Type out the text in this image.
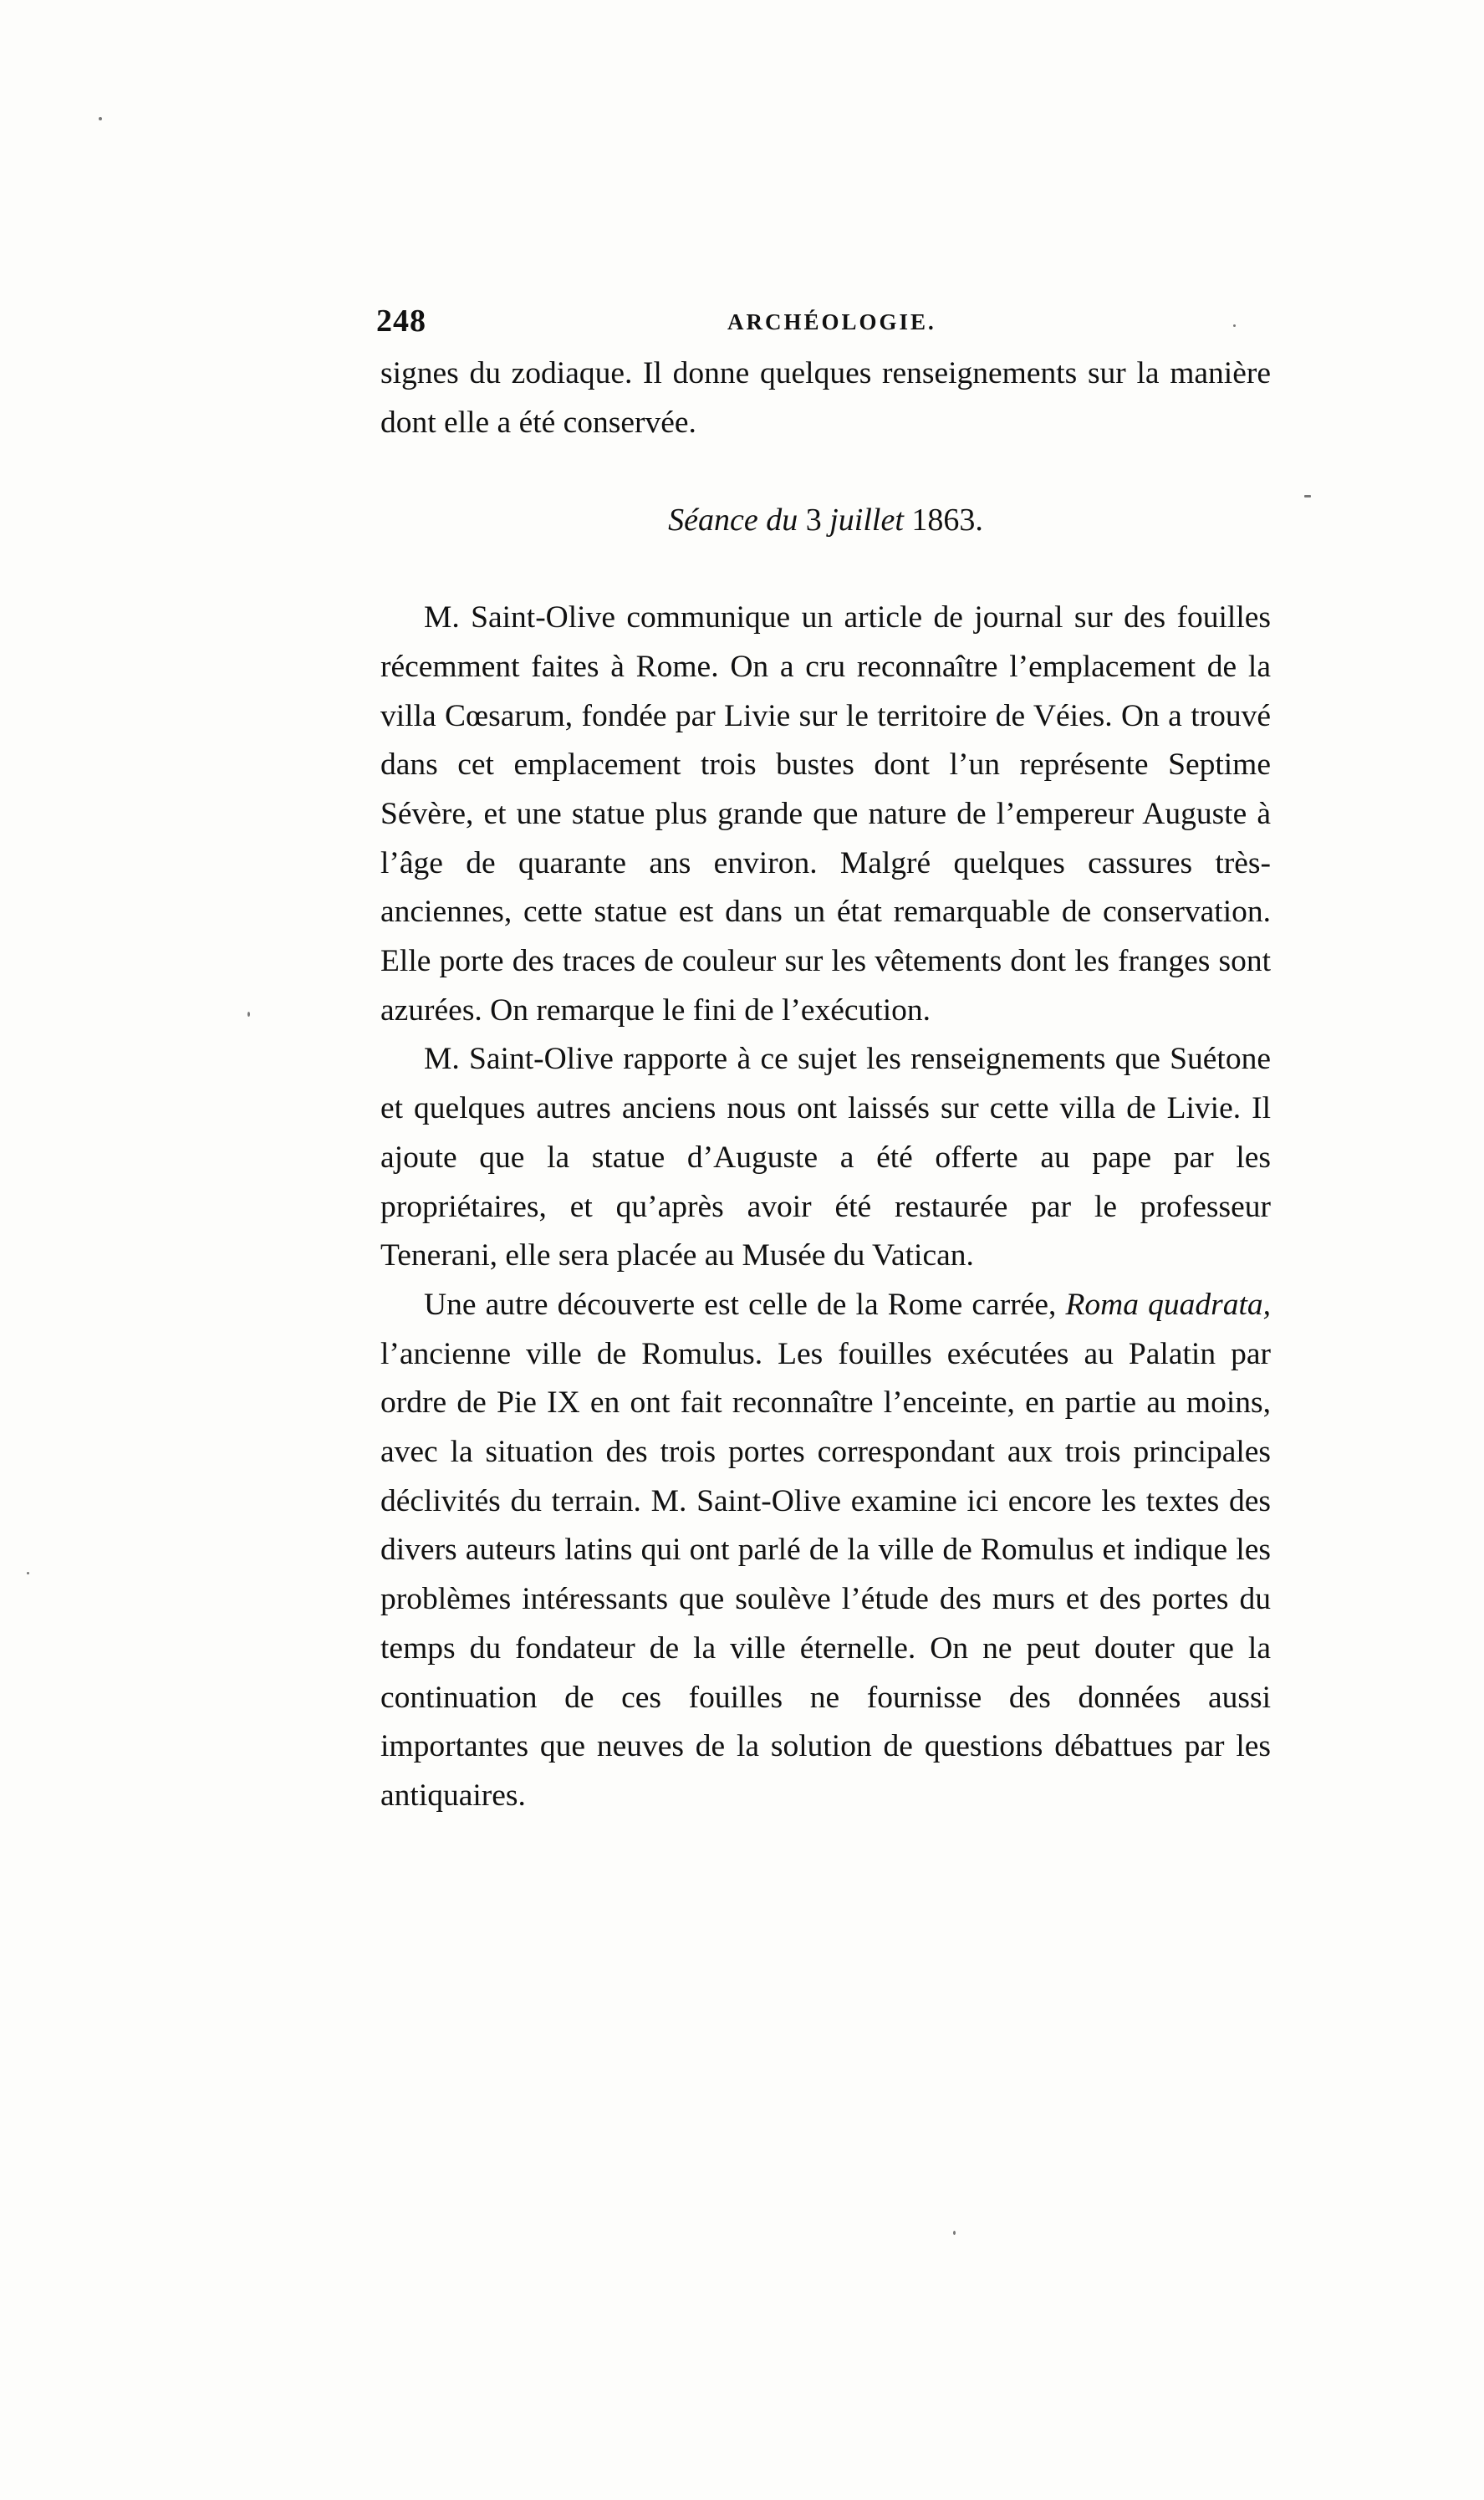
248	ARCHÉOLOGIE.

signes du zodiaque. Il donne quelques renseignements sur la manière dont elle a été conservée.

Séance du 3 juillet 1863.

M. Saint-Olive communique un article de journal sur des fouilles récemment faites à Rome. On a cru reconnaître l’emplacement de la villa Cœsarum, fondée par Livie sur le territoire de Véies. On a trouvé dans cet emplacement trois bustes dont l’un représente Septime Sévère, et une statue plus grande que nature de l’empereur Auguste à l’âge de quarante ans environ. Malgré quelques cassures très-anciennes, cette statue est dans un état remarquable de conservation. Elle porte des traces de couleur sur les vêtements dont les franges sont azurées. On remarque le fini de l’exécution.

M. Saint-Olive rapporte à ce sujet les renseignements que Suétone et quelques autres anciens nous ont laissés sur cette villa de Livie. Il ajoute que la statue d’Auguste a été offerte au pape par les propriétaires, et qu’après avoir été restaurée par le professeur Tenerani, elle sera placée au Musée du Vatican.

Une autre découverte est celle de la Rome carrée, Roma quadrata, l’ancienne ville de Romulus. Les fouilles exécutées au Palatin par ordre de Pie IX en ont fait reconnaître l’enceinte, en partie au moins, avec la situation des trois portes correspondant aux trois principales déclivités du terrain. M. Saint-Olive examine ici encore les textes des divers auteurs latins qui ont parlé de la ville de Romulus et indique les problèmes intéressants que soulève l’étude des murs et des portes du temps du fondateur de la ville éternelle. On ne peut douter que la continuation de ces fouilles ne fournisse des données aussi importantes que neuves de la solution de questions débattues par les antiquaires.
